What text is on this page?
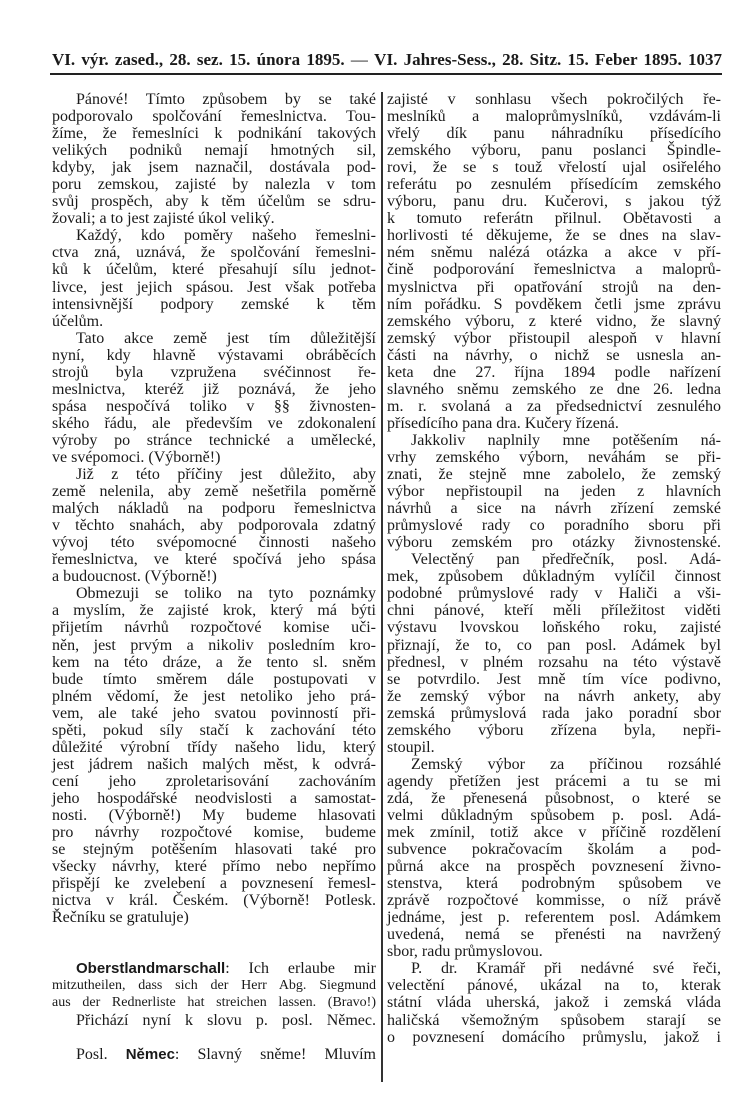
VI. výr. zased., 28. sez. 15. února 1895. — VI. Jahres-Sess., 28. Sitz. 15. Feber 1895. 1037
Pánové! Tímto způsobem by se také
podporovalo spolčování řemeslnictva. Tou-
žíme, že řemeslníci k podnikání takových
velikých podniků nemají hmotných sil,
kdyby, jak jsem naznačil, dostávala pod-
poru zemskou, zajisté by nalezla v tom
svůj prospěch, aby k těm účelům se sdru-
žovali; a to jest zajisté úkol veliký.
Každý, kdo poměry našeho řemeslni-
ctva zná, uznává, že spolčování řemeslni-
ků k účelům, které přesahují sílu jednot-
livce, jest jejich spásou. Jest však potřeba
intensivnější podpory zemské k těm
účelům.
Tato akce země jest tím důležitější
nyní, kdy hlavně výstavami obráběcích
strojů byla vzpružena svéčinnost ře-
meslnictva, kteréž již poznává, že jeho
spása nespočívá toliko v §§ živnosten-
ského řádu, ale především ve zdokonalení
výroby po stránce technické a umělecké,
ve svépomoci. (Výborně!)
Již z této příčiny jest důležito, aby
země nelenila, aby země nešetřila poměrně
malých nákladů na podporu řemeslnictva
v těchto snahách, aby podporovala zdatný
vývoj této svépomocné činnosti našeho
řemeslnictva, ve které spočívá jeho spása
a budoucnost. (Výborně!)
Obmezuji se toliko na tyto poznámky
a myslím, že zajisté krok, který má býti
přijetím návrhů rozpočtové komise uči-
něn, jest prvým a nikoliv posledním kro-
kem na této dráze, a že tento sl. sněm
bude tímto směrem dále postupovati v
plném vědomí, že jest netoliko jeho prá-
vem, ale také jeho svatou povinností při-
spěti, pokud síly stačí k zachování této
důležité výrobní třídy našeho lidu, který
jest jádrem našich malých měst, k odvrá-
cení jeho zproletarisování zachováním
jeho hospodářské neodvislosti a samostat-
nosti. (Výborně!) My budeme hlasovati
pro návrhy rozpočtové komise, budeme
se stejným potěšením hlasovati také pro
všecky návrhy, které přímo nebo nepřímo
přispějí ke zvelebení a povznesení řemesl-
nictva v král. Českém. (Výborně! Potlesk.
Řečníku se gratuluje)

Oberstlandmarschall: Ich erlaube mir
mitzutheilen, dass sich der Herr Abg. Siegmund
aus der Rednerliste hat streichen lassen. (Bravo!)
Přichází nyní k slovu p. posl. Němec.

Posl. Němec: Slavný sněme! Mluvím
zajisté v sonhlasu všech pokročilých ře-
meslníků a maloprůmyslníků, vzdávám-li
vřelý dík panu náhradníku přísedícího
zemského výboru, panu poslanci Špindle-
rovi, že se s touž vřelostí ujal osiřelého
referátu po zesnulém přísedícím zemského
výboru, panu dru. Kučerovi, s jakou týž
k tomuto referátn přilnul. Obětavosti a
horlivosti té děkujeme, že se dnes na slav-
ném sněmu nalézá otázka a akce v pří-
čině podporování řemeslnictva a maloprů-
myslnictva při opatřování strojů na den-
ním pořádku. S povděkem četli jsme zprávu
zemského výboru, z které vidno, že slavný
zemský výbor přistoupil alespoň v hlavní
části na návrhy, o nichž se usnesla an-
keta dne 27. října 1894 podle nařízení
slavného sněmu zemského ze dne 26. ledna
m. r. svolaná a za předsednictví zesnulého
přísedícího pana dra. Kučery řízená.
Jakkoliv naplnily mne potěšením ná-
vrhy zemského výborn, neváhám se při-
znati, že stejně mne zabolelo, že zemský
výbor nepřistoupil na jeden z hlavních
návrhů a sice na návrh zřízení zemské
průmyslové rady co poradního sboru při
výboru zemském pro otázky živnostenské.
Velectěný pan předřečník, posl. Adá-
mek, způsobem důkladným vylíčil činnost
podobné průmyslové rady v Haliči a vši-
chni pánové, kteří měli příležitost viděti
výstavu lvovskou loňského roku, zajisté
přiznají, že to, co pan posl. Adámek byl
přednesl, v plném rozsahu na této výstavě
se potvrdilo. Jest mně tím více podivno,
že zemský výbor na návrh ankety, aby
zemská průmyslová rada jako poradní sbor
zemského výboru zřízena byla, nepři-
stoupil.
Zemský výbor za příčinou rozsáhlé
agendy přetížen jest prácemi a tu se mi
zdá, že přenesená působnost, o které se
velmi důkladným spůsobem p. posl. Adá-
mek zmínil, totiž akce v příčině rozdělení
subvence pokračovacím školám a pod-
půrná akce na prospěch povznesení živno-
stenstva, která podrobným spůsobem ve
zprávě rozpočtové kommisse, o níž právě
jednáme, jest p. referentem posl. Adámkem
uvedená, nemá se přenésti na navržený
sbor, radu průmyslovou.
P. dr. Kramář při nedávné své řeči,
velectění pánové, ukázal na to, kterak
státní vláda uherská, jakož i zemská vláda
haličská všemožným spůsobem starají se
o povznesení domácího průmyslu, jakož i
